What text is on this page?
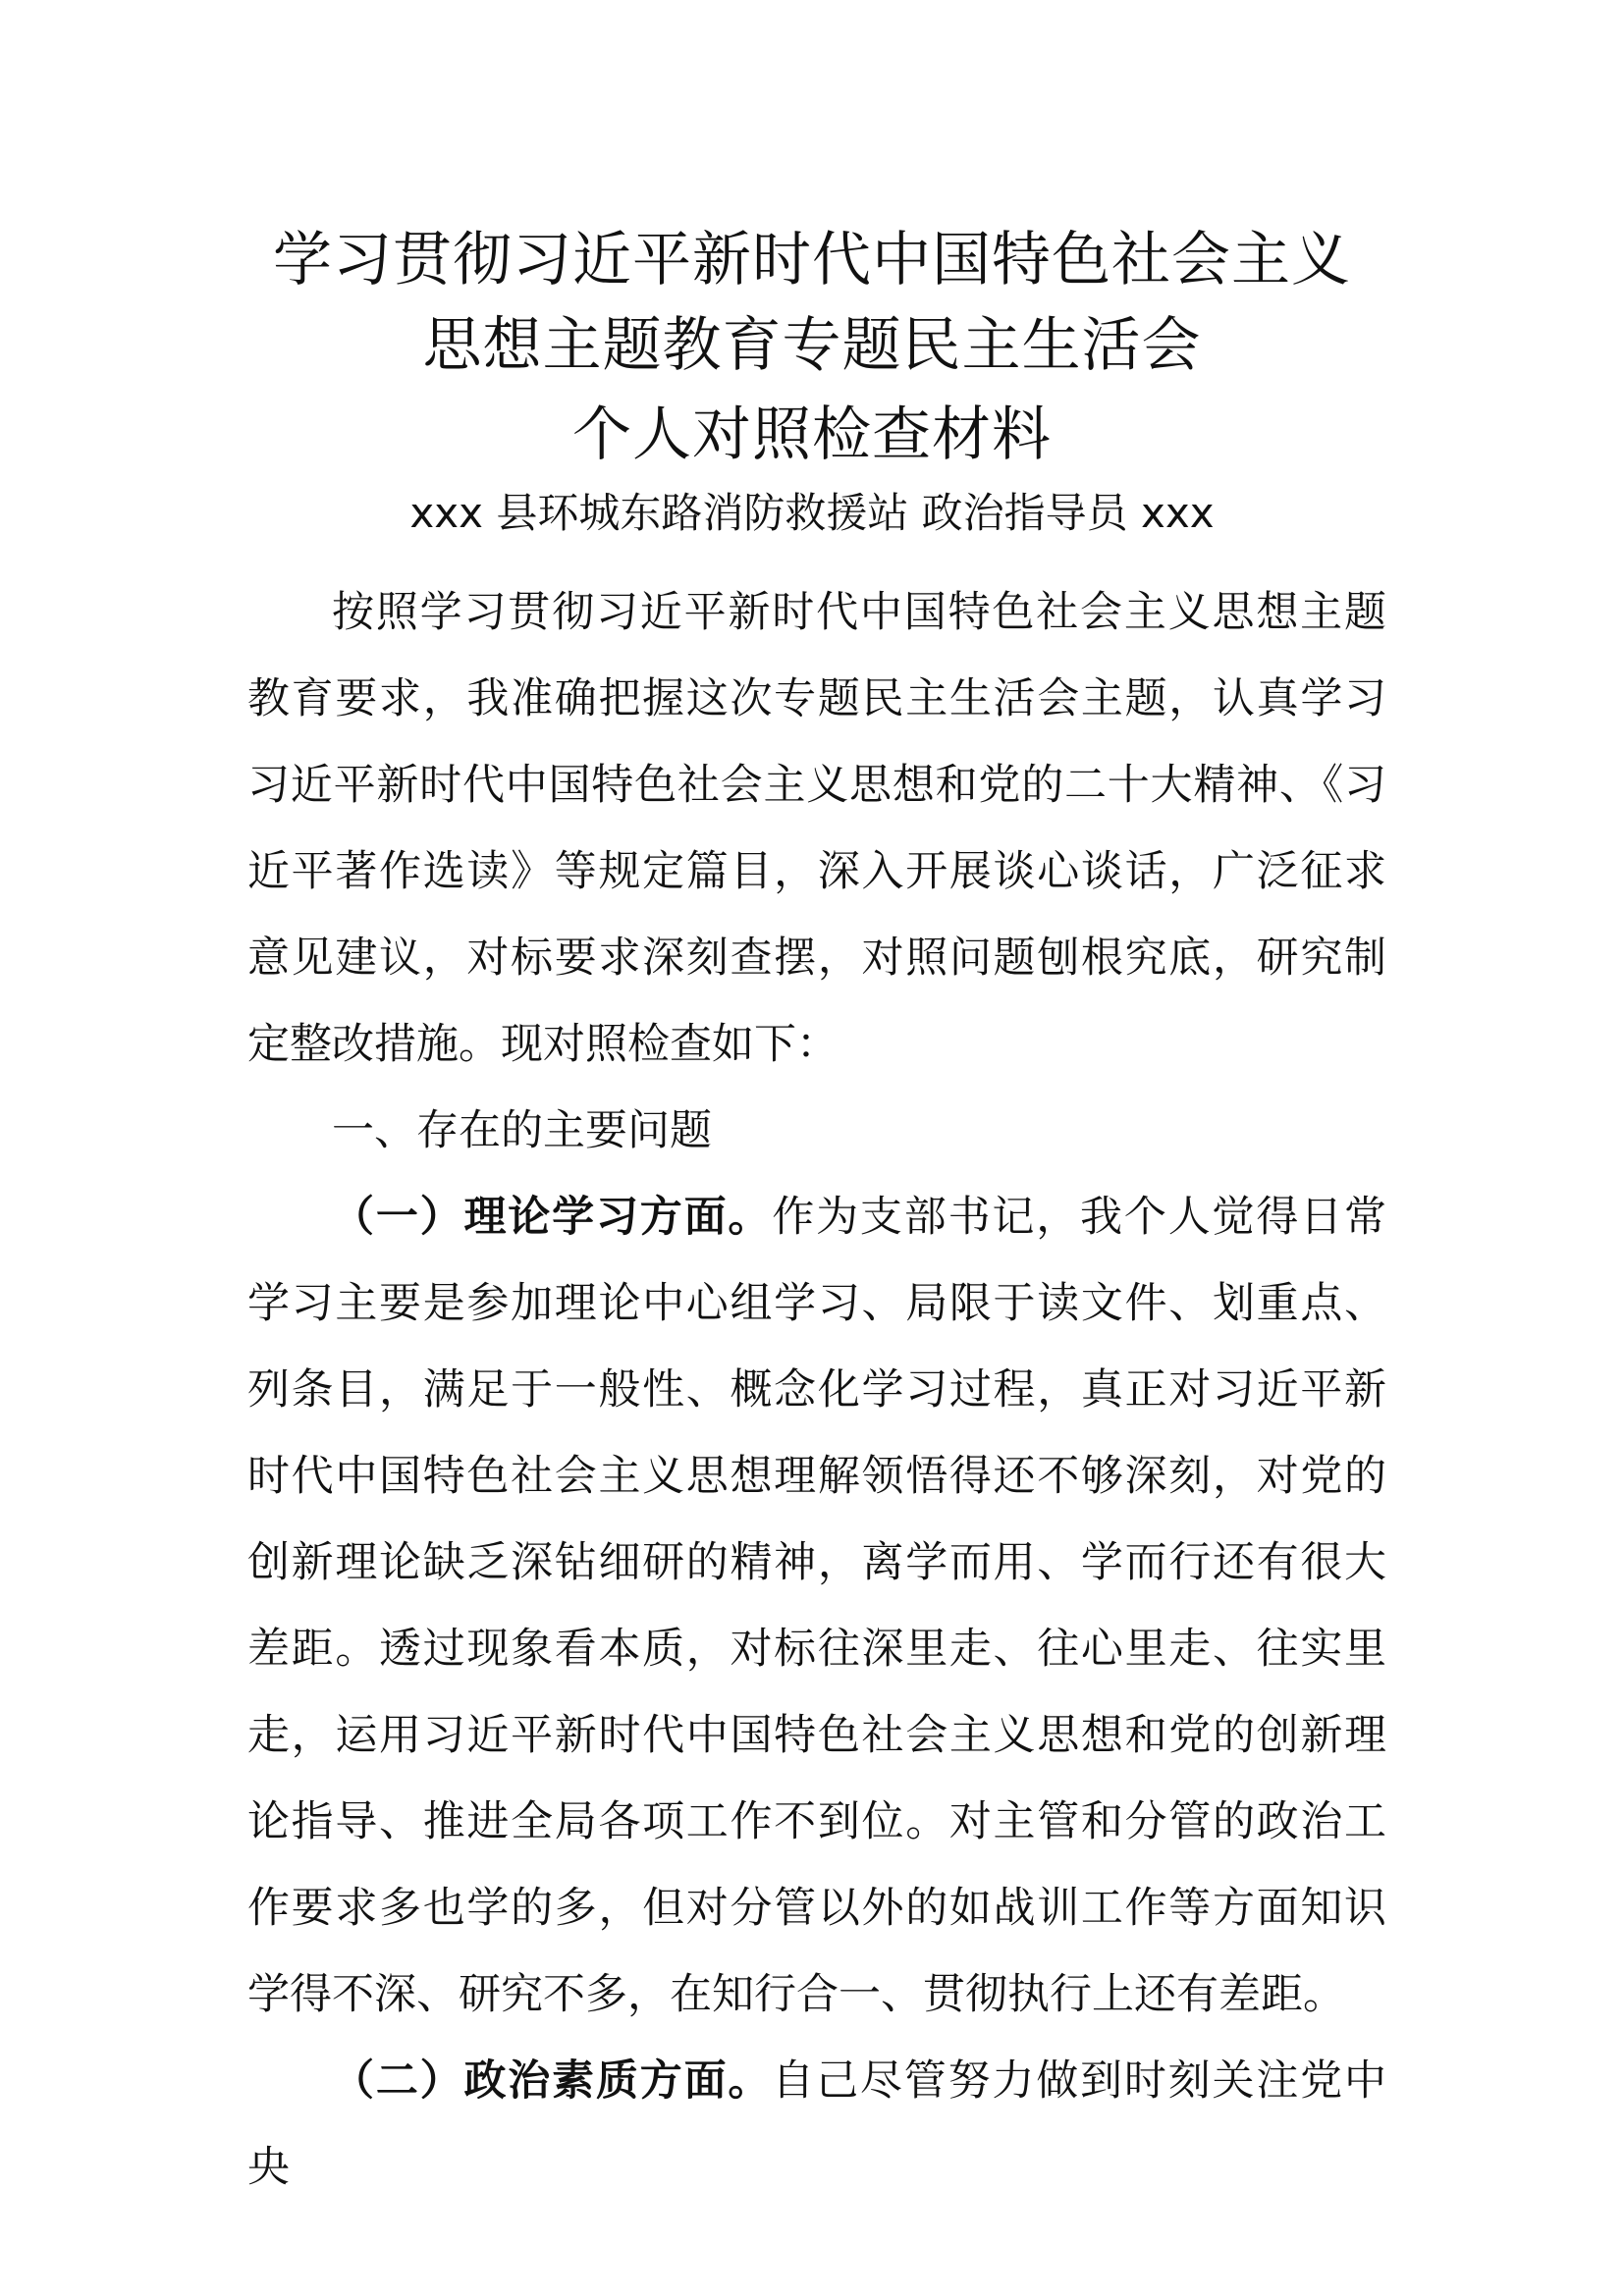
学习贯彻习近平新时代中国特色社会主义
思想主题教育专题民主生活会
个人对照检查材料
xxx 县环城东路消防救援站 政治指导员 xxx

按照学习贯彻习近平新时代中国特色社会主义思想主题教育要求，我准确把握这次专题民主生活会主题，认真学习习近平新时代中国特色社会主义思想和党的二十大精神、《习近平著作选读》等规定篇目，深入开展谈心谈话，广泛征求意见建议，对标要求深刻查摆，对照问题刨根究底，研究制定整改措施。现对照检查如下：

一、存在的主要问题

（一）理论学习方面。作为支部书记，我个人觉得日常学习主要是参加理论中心组学习、局限于读文件、划重点、列条目，满足于一般性、概念化学习过程，真正对习近平新时代中国特色社会主义思想理解领悟得还不够深刻，对党的创新理论缺乏深钻细研的精神，离学而用、学而行还有很大差距。透过现象看本质，对标往深里走、往心里走、往实里走，运用习近平新时代中国特色社会主义思想和党的创新理论指导、推进全局各项工作不到位。对主管和分管的政治工作要求多也学的多，但对分管以外的如战训工作等方面知识学得不深、研究不多，在知行合一、贯彻执行上还有差距。

（二）政治素质方面。自己尽管努力做到时刻关注党中央
